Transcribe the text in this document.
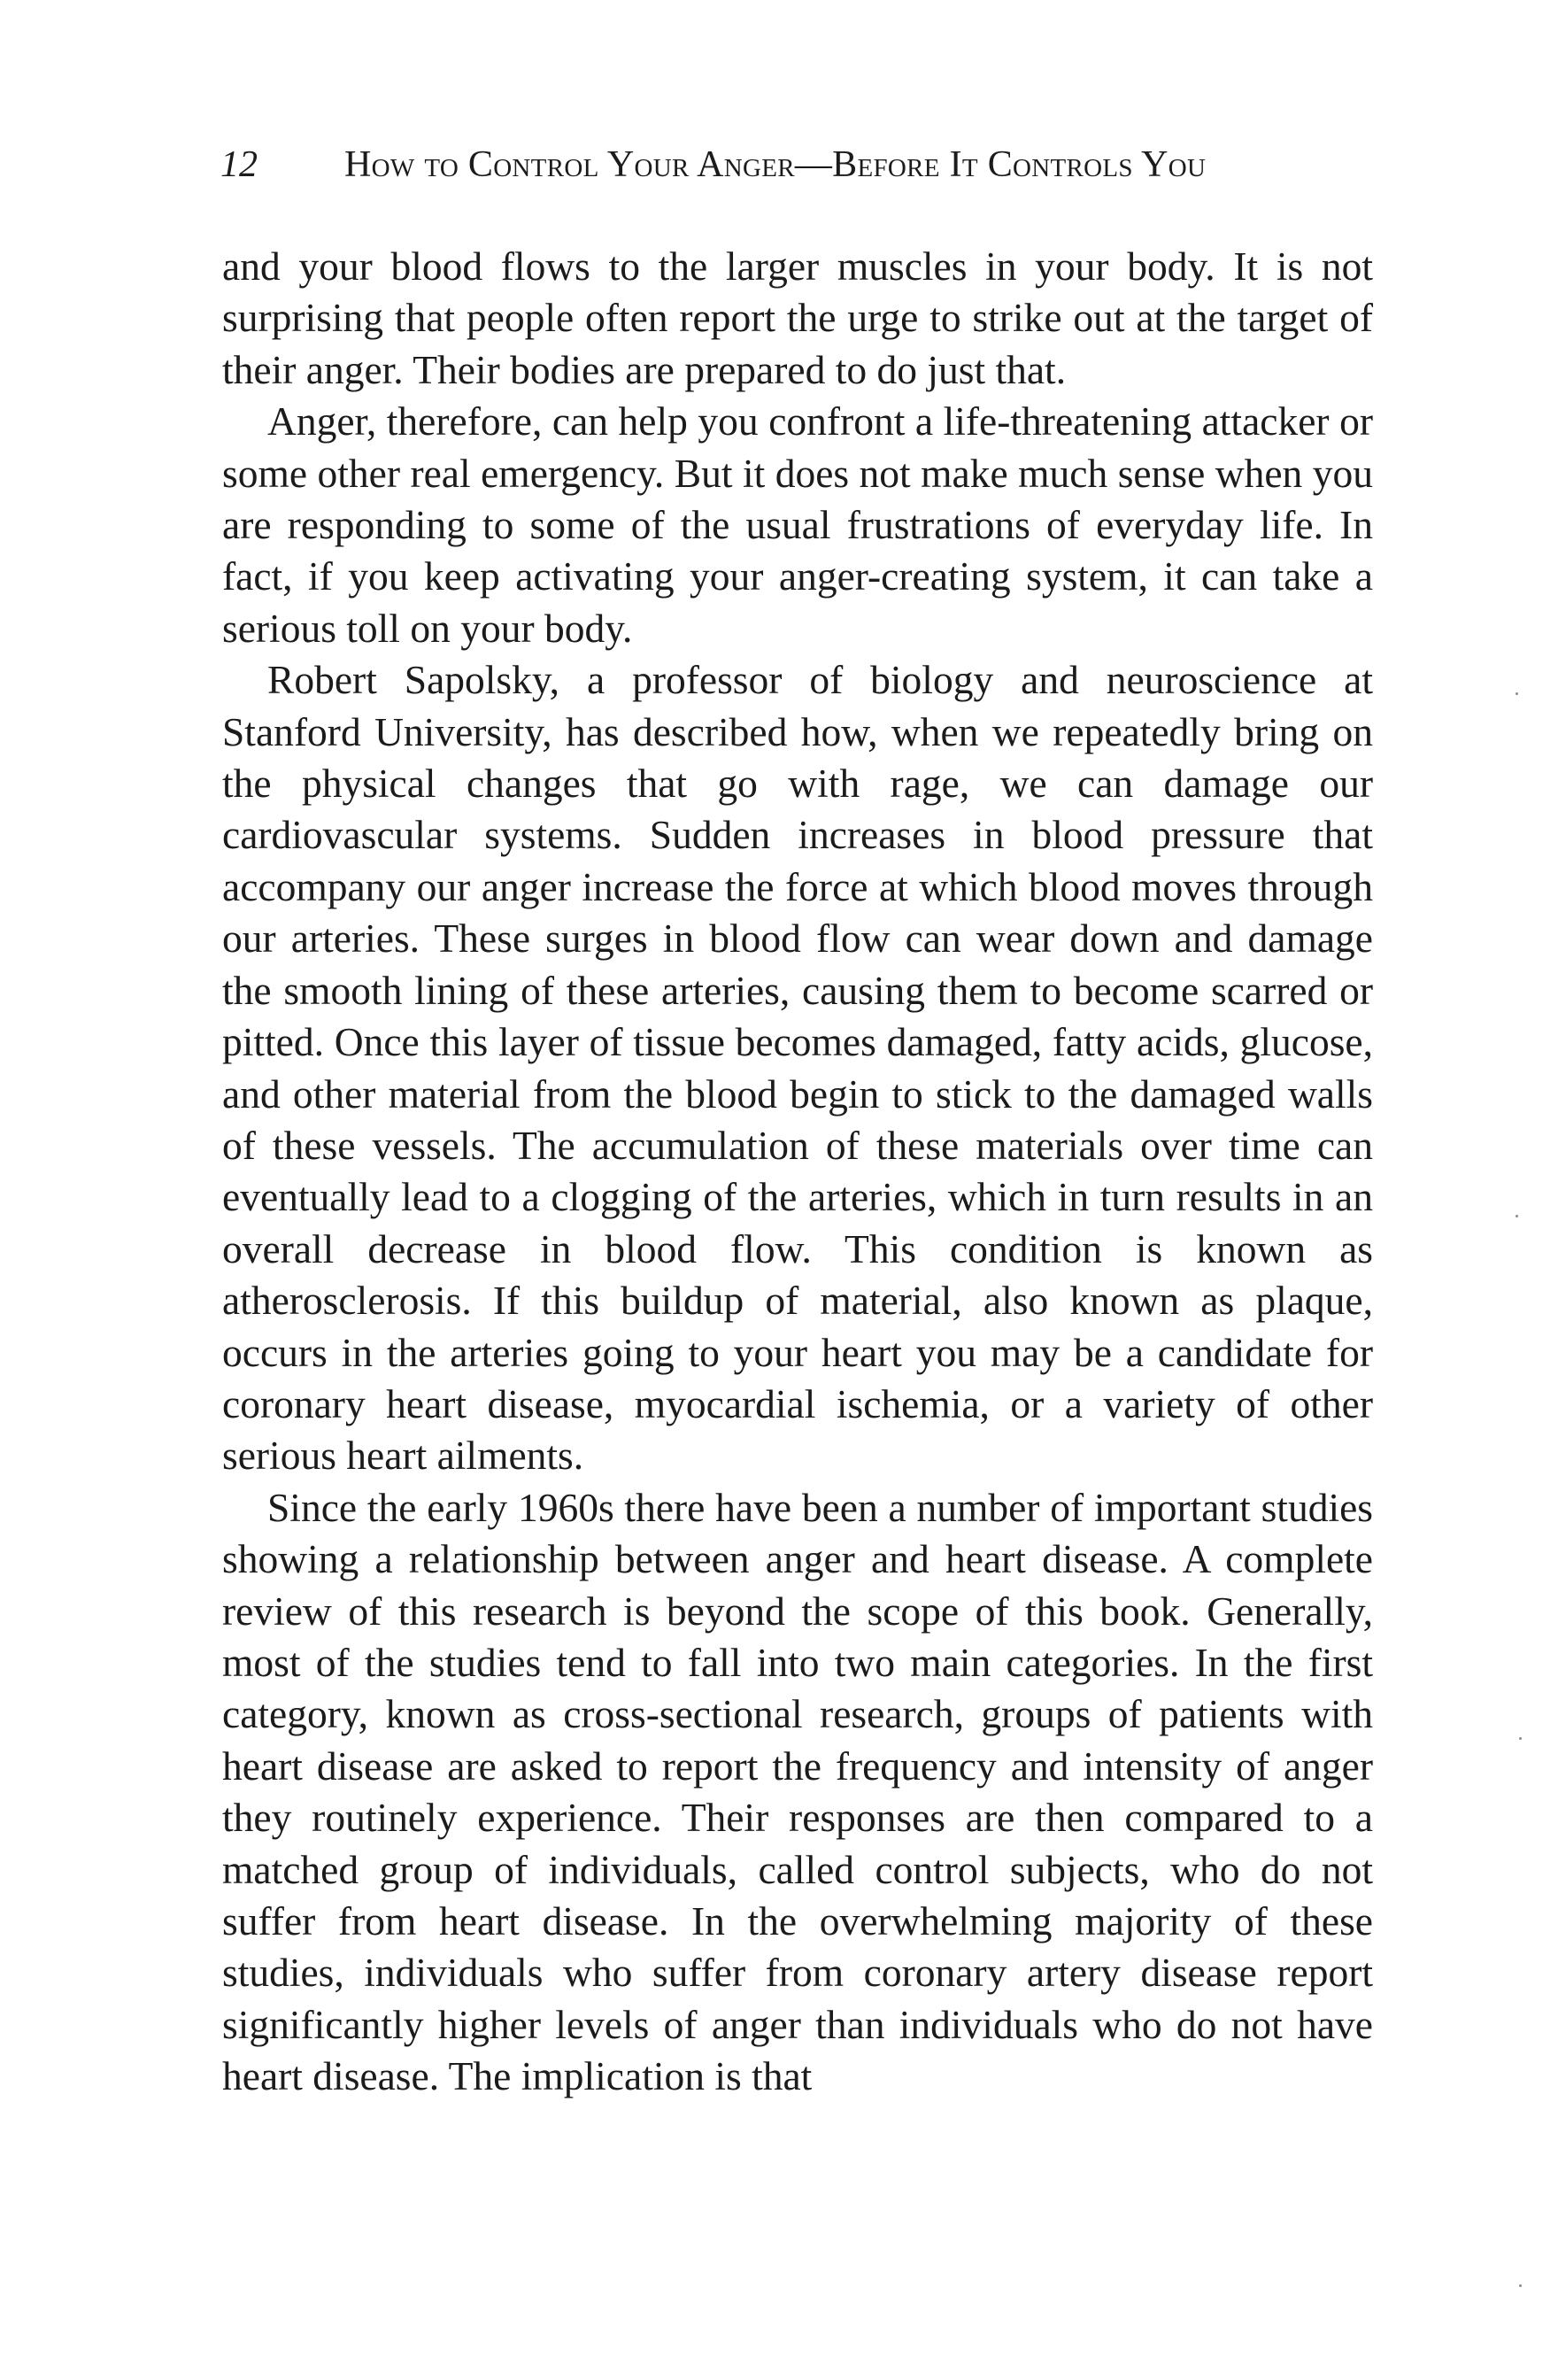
12 How to Control Your Anger—Before It Controls You

and your blood flows to the larger muscles in your body. It is not surprising that people often report the urge to strike out at the target of their anger. Their bodies are prepared to do just that.

Anger, therefore, can help you confront a life-threatening attacker or some other real emergency. But it does not make much sense when you are responding to some of the usual frustrations of everyday life. In fact, if you keep activating your anger-creating system, it can take a serious toll on your body.

Robert Sapolsky, a professor of biology and neuroscience at Stanford University, has described how, when we repeatedly bring on the physical changes that go with rage, we can damage our cardiovascular systems. Sudden increases in blood pressure that accompany our anger increase the force at which blood moves through our arteries. These surges in blood flow can wear down and damage the smooth lining of these arteries, causing them to become scarred or pitted. Once this layer of tissue becomes damaged, fatty acids, glucose, and other material from the blood begin to stick to the damaged walls of these vessels. The accumulation of these materials over time can eventually lead to a clogging of the arteries, which in turn results in an overall decrease in blood flow. This condition is known as atherosclerosis. If this buildup of material, also known as plaque, occurs in the arteries going to your heart you may be a candidate for coronary heart disease, myocardial ischemia, or a variety of other serious heart ailments.

Since the early 1960s there have been a number of important studies showing a relationship between anger and heart disease. A complete review of this research is beyond the scope of this book. Generally, most of the studies tend to fall into two main categories. In the first category, known as cross-sectional research, groups of patients with heart disease are asked to report the frequency and intensity of anger they routinely experience. Their responses are then compared to a matched group of individuals, called control subjects, who do not suffer from heart disease. In the overwhelming majority of these studies, individuals who suffer from coronary artery disease report significantly higher levels of anger than individuals who do not have heart disease. The implication is that
